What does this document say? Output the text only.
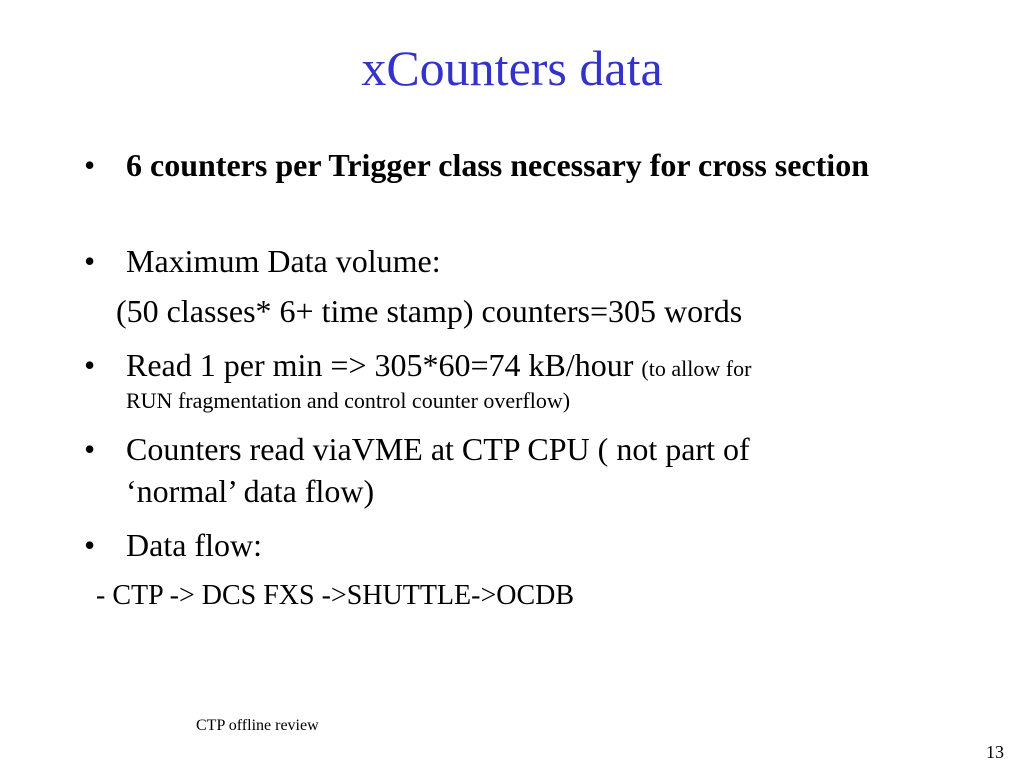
xCounters data
• 6 counters per Trigger class necessary for cross section
• Maximum Data volume:
(50 classes* 6+ time stamp) counters=305 words
• Read 1 per min => 305*60=74 kB/hour (to allow for
RUN fragmentation and control counter overflow)
• Counters read viaVME at CTP CPU ( not part of
‘normal’ data flow)
• Data flow:
- CTP -> DCS FXS ->SHUTTLE->OCDB
CTP offline review
13
